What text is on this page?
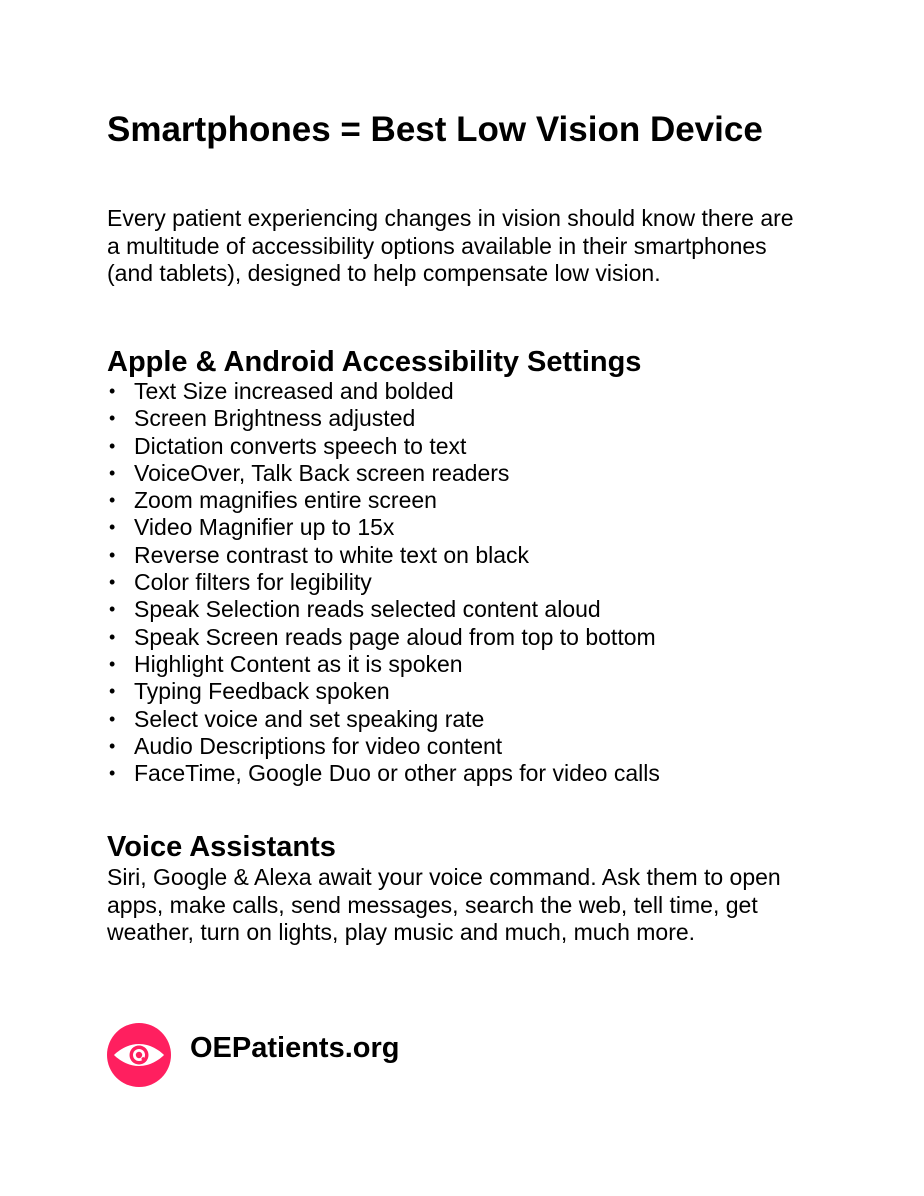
Smartphones = Best Low Vision Device

Every patient experiencing changes in vision should know there are a multitude of accessibility options available in their smartphones (and tablets), designed to help compensate low vision.

Apple & Android Accessibility Settings
• Text Size increased and bolded
• Screen Brightness adjusted
• Dictation converts speech to text
• VoiceOver, Talk Back screen readers
• Zoom magnifies entire screen
• Video Magnifier up to 15x
• Reverse contrast to white text on black
• Color filters for legibility
• Speak Selection reads selected content aloud
• Speak Screen reads page aloud from top to bottom
• Highlight Content as it is spoken
• Typing Feedback spoken
• Select voice and set speaking rate
• Audio Descriptions for video content
• FaceTime, Google Duo or other apps for video calls
Voice Assistants

Siri, Google & Alexa await your voice command. Ask them to open apps, make calls, send messages, search the web, tell time, get weather, turn on lights, play music and much, much more.

OEPatients.org
